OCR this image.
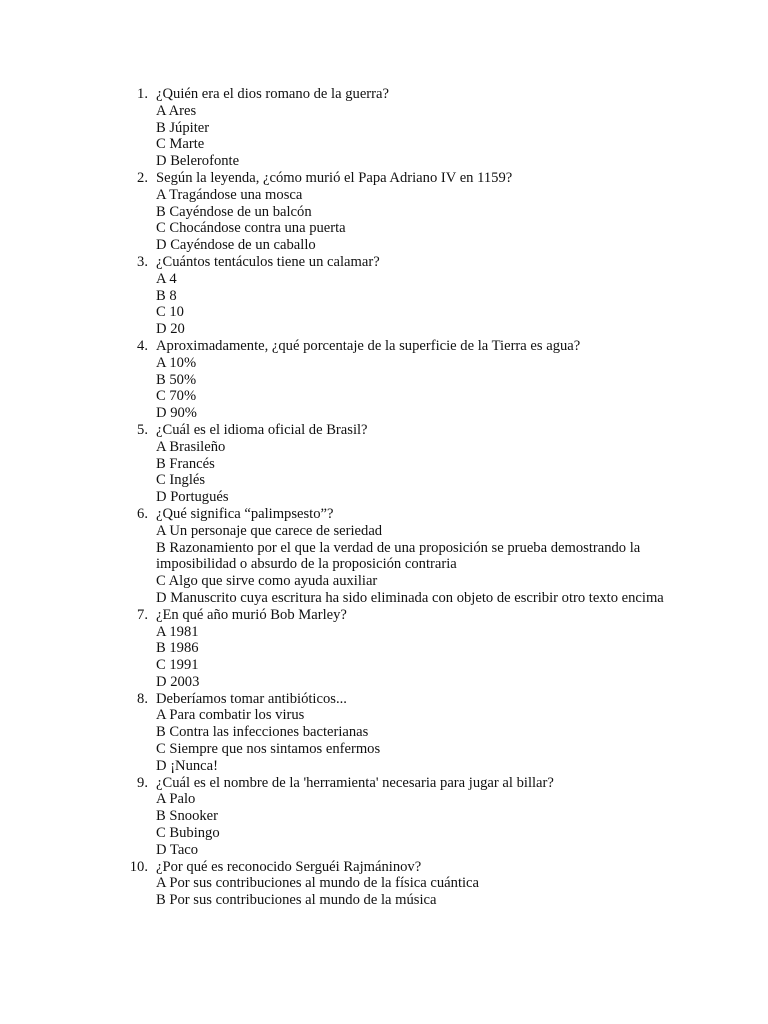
1. ¿Quién era el dios romano de la guerra?
A Ares
B Júpiter
C Marte
D Belerofonte
2. Según la leyenda, ¿cómo murió el Papa Adriano IV en 1159?
A Tragándose una mosca
B Cayéndose de un balcón
C Chocándose contra una puerta
D Cayéndose de un caballo
3. ¿Cuántos tentáculos tiene un calamar?
A 4
B 8
C 10
D 20
4. Aproximadamente, ¿qué porcentaje de la superficie de la Tierra es agua?
A 10%
B 50%
C 70%
D 90%
5. ¿Cuál es el idioma oficial de Brasil?
A Brasileño
B Francés
C Inglés
D Portugués
6. ¿Qué significa “palimpsesto”?
A Un personaje que carece de seriedad
B Razonamiento por el que la verdad de una proposición se prueba demostrando la imposibilidad o absurdo de la proposición contraria
C Algo que sirve como ayuda auxiliar
D Manuscrito cuya escritura ha sido eliminada con objeto de escribir otro texto encima
7. ¿En qué año murió Bob Marley?
A 1981
B 1986
C 1991
D 2003
8. Deberíamos tomar antibióticos...
A Para combatir los virus
B Contra las infecciones bacterianas
C Siempre que nos sintamos enfermos
D ¡Nunca!
9. ¿Cuál es el nombre de la 'herramienta' necesaria para jugar al billar?
A Palo
B Snooker
C Bubingo
D Taco
10. ¿Por qué es reconocido Serguéi Rajmáninov?
A Por sus contribuciones al mundo de la física cuántica
B Por sus contribuciones al mundo de la música
